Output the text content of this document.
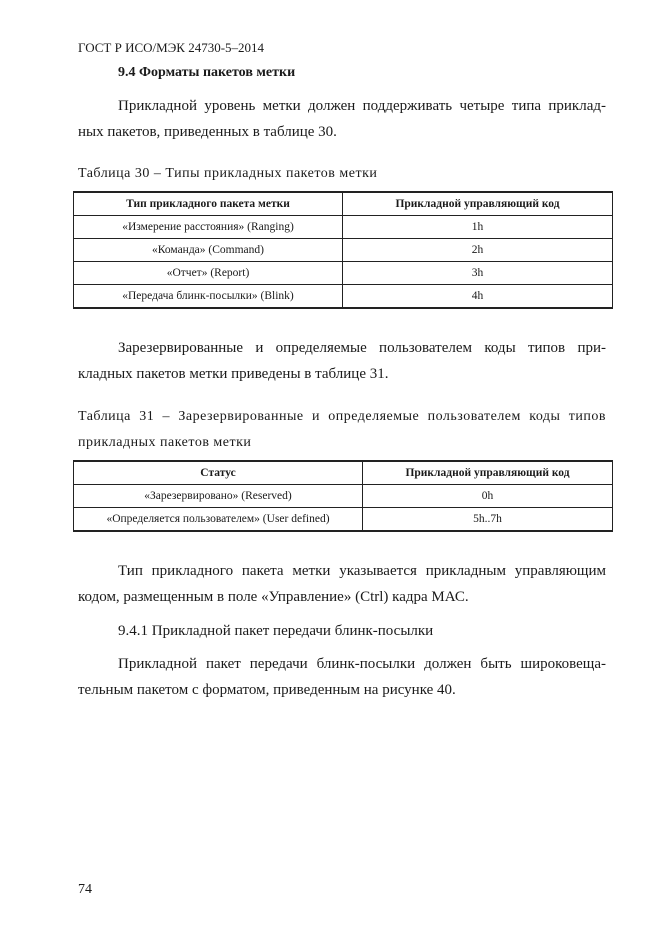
ГОСТ Р ИСО/МЭК 24730-5–2014
9.4 Форматы пакетов метки

Прикладной уровень метки должен поддерживать четыре типа приклад-
ных пакетов, приведенных в таблице 30.

Таблица 30 – Типы прикладных пакетов метки
Тип прикладного пакета метки	Прикладной управляющий код
«Измерение расстояния» (Ranging)	1h
«Команда» (Command)	2h
«Отчет» (Report)	3h
«Передача блинк-посылки» (Blink)	4h

Зарезервированные и определяемые пользователем коды типов при-
кладных пакетов метки приведены в таблице 31.

Таблица 31 – Зарезервированные и определяемые пользователем коды типов
прикладных пакетов метки
Статус	Прикладной управляющий код
«Зарезервировано» (Reserved)	0h
«Определяется пользователем» (User defined)	5h..7h

Тип прикладного пакета метки указывается прикладным управляющим
кодом, размещенным в поле «Управление» (Ctrl) кадра МАС.

9.4.1 Прикладной пакет передачи блинк-посылки

Прикладной пакет передачи блинк-посылки должен быть широковеща-
тельным пакетом с форматом, приведенным на рисунке 40.

74
